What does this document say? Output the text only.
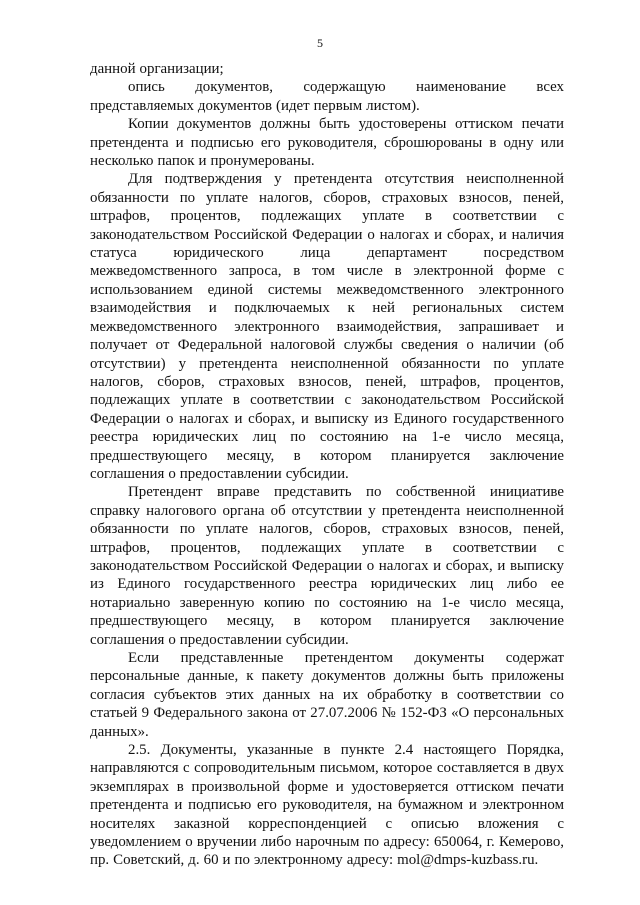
5

данной организации;

опись документов, содержащую наименование всех представляемых документов (идет первым листом).

Копии документов должны быть удостоверены оттиском печати претендента и подписью его руководителя, сброшюрованы в одну или несколько папок и пронумерованы.

Для подтверждения у претендента отсутствия неисполненной обязанности по уплате налогов, сборов, страховых взносов, пеней, штрафов, процентов, подлежащих уплате в соответствии с законодательством Российской Федерации о налогах и сборах, и наличия статуса юридического лица департамент посредством межведомственного запроса, в том числе в электронной форме с использованием единой системы межведомственного электронного взаимодействия и подключаемых к ней региональных систем межведомственного электронного взаимодействия, запрашивает и получает от Федеральной налоговой службы сведения о наличии (об отсутствии) у претендента неисполненной обязанности по уплате налогов, сборов, страховых взносов, пеней, штрафов, процентов, подлежащих уплате в соответствии с законодательством Российской Федерации о налогах и сборах, и выписку из Единого государственного реестра юридических лиц по состоянию на 1-е число месяца, предшествующего месяцу, в котором планируется заключение соглашения о предоставлении субсидии.

Претендент вправе представить по собственной инициативе справку налогового органа об отсутствии у претендента неисполненной обязанности по уплате налогов, сборов, страховых взносов, пеней, штрафов, процентов, подлежащих уплате в соответствии с законодательством Российской Федерации о налогах и сборах, и выписку из Единого государственного реестра юридических лиц либо ее нотариально заверенную копию по состоянию на 1-е число месяца, предшествующего месяцу, в котором планируется заключение соглашения о предоставлении субсидии.

Если представленные претендентом документы содержат персональные данные, к пакету документов должны быть приложены согласия субъектов этих данных на их обработку в соответствии со статьей 9 Федерального закона от 27.07.2006 № 152-ФЗ «О персональных данных».

2.5. Документы, указанные в пункте 2.4 настоящего Порядка, направляются с сопроводительным письмом, которое составляется в двух экземплярах в произвольной форме и удостоверяется оттиском печати претендента и подписью его руководителя, на бумажном и электронном носителях заказной корреспонденцией с описью вложения с уведомлением о вручении либо нарочным по адресу: 650064, г. Кемерово, пр. Советский, д. 60 и по электронному адресу: mol@dmps-kuzbass.ru.
